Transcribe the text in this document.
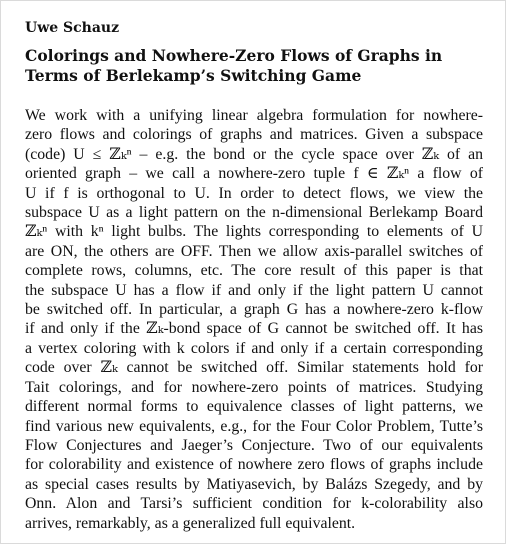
Uwe Schauz
Colorings and Nowhere-Zero Flows of Graphs in Terms of Berlekamp’s Switching Game
We work with a unifying linear algebra formulation for nowhere-
zero flows and colorings of graphs and matrices. Given a subspace
(code) U ≤ ℤₖⁿ – e.g. the bond or the cycle space over ℤₖ of an
oriented graph – we call a nowhere-zero tuple f ∈ ℤₖⁿ a flow of
U if f is orthogonal to U. In order to detect flows, we view the
subspace U as a light pattern on the n-dimensional Berlekamp Board
ℤₖⁿ with kⁿ light bulbs. The lights corresponding to elements of U
are ON, the others are OFF. Then we allow axis-parallel switches of
complete rows, columns, etc. The core result of this paper is that
the subspace U has a flow if and only if the light pattern U cannot
be switched off. In particular, a graph G has a nowhere-zero k-flow
if and only if the ℤₖ-bond space of G cannot be switched off. It has
a vertex coloring with k colors if and only if a certain corresponding
code over ℤₖ cannot be switched off. Similar statements hold for
Tait colorings, and for nowhere-zero points of matrices. Studying
different normal forms to equivalence classes of light patterns, we
find various new equivalents, e.g., for the Four Color Problem, Tutte’s
Flow Conjectures and Jaeger’s Conjecture. Two of our equivalents
for colorability and existence of nowhere zero flows of graphs include
as special cases results by Matiyasevich, by Balázs Szegedy, and by
Onn. Alon and Tarsi’s sufficient condition for k-colorability also
arrives, remarkably, as a generalized full equivalent.
